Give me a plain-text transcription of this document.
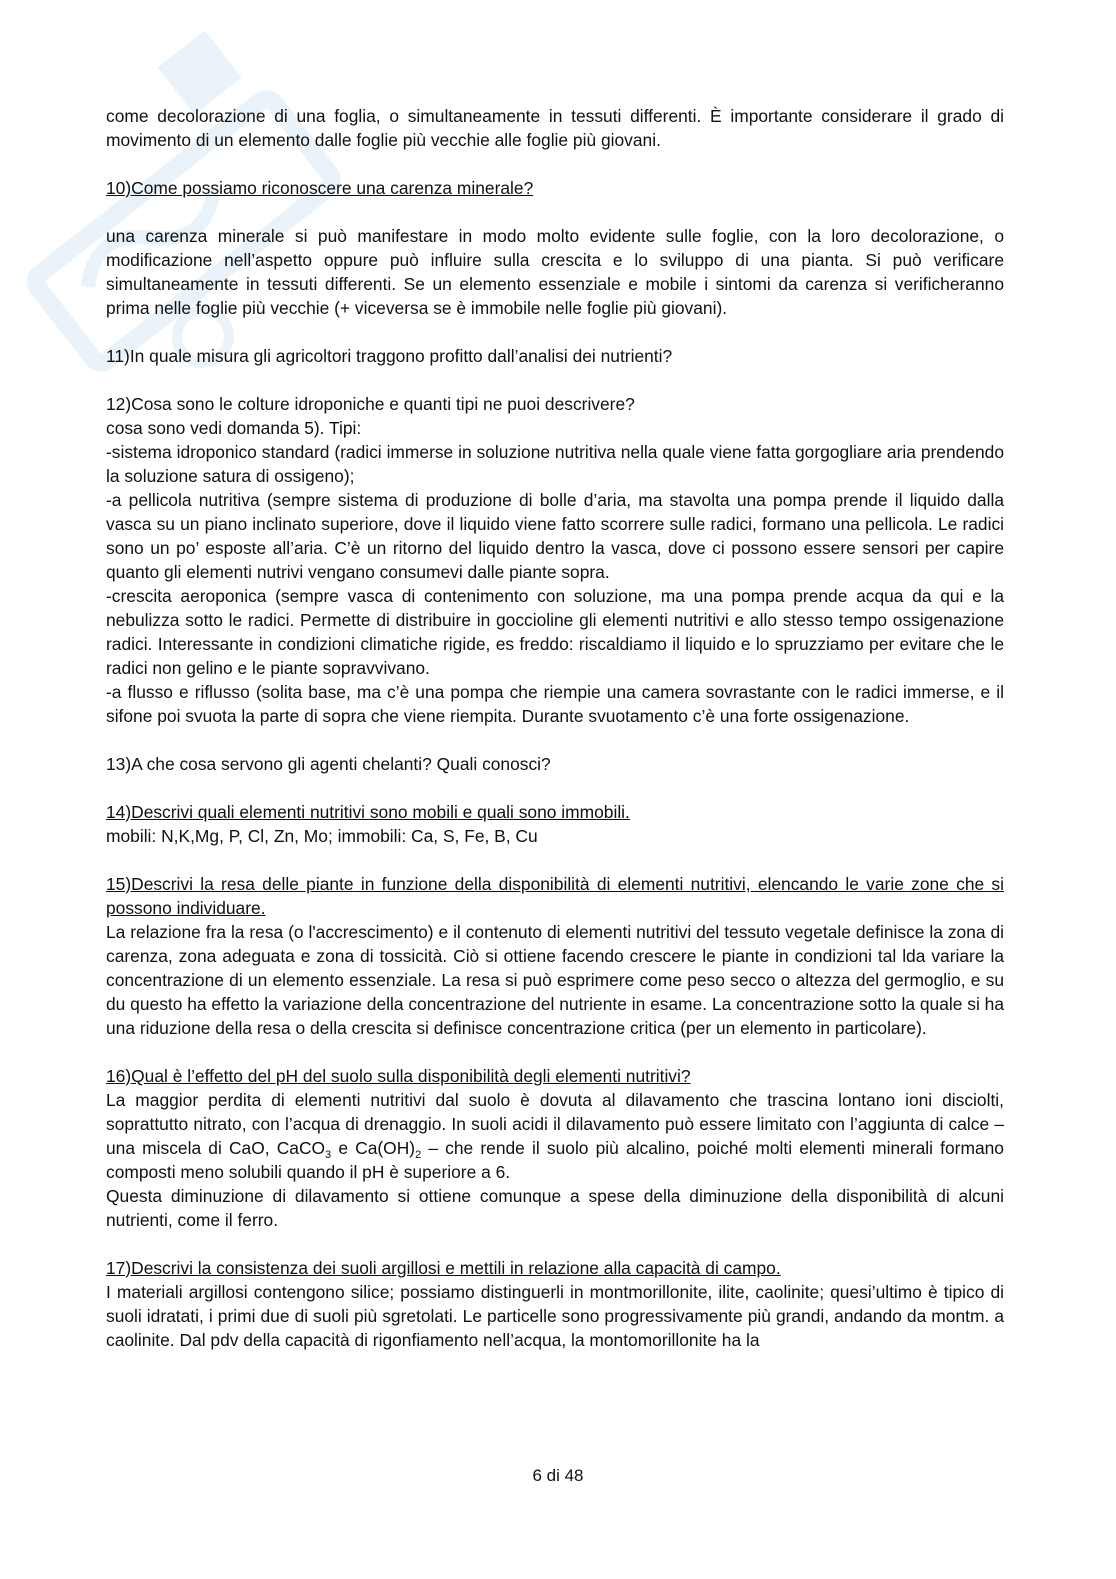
come decolorazione di una foglia, o simultaneamente in tessuti differenti. È importante considerare il grado di movimento di un elemento dalle foglie più vecchie alle foglie più giovani.

10)Come possiamo riconoscere una carenza minerale?

una carenza minerale si può manifestare in modo molto evidente sulle foglie, con la loro decolorazione, o modificazione nell’aspetto oppure può influire sulla crescita e lo sviluppo di una pianta. Si può verificare simultaneamente in tessuti differenti. Se un elemento essenziale e mobile i sintomi da carenza si verificheranno prima nelle foglie più vecchie (+ viceversa se è immobile nelle foglie più giovani).

11)In quale misura gli agricoltori traggono profitto dall’analisi dei nutrienti?

12)Cosa sono le colture idroponiche e quanti tipi ne puoi descrivere?

cosa sono vedi domanda 5). Tipi:

-sistema idroponico standard (radici immerse in soluzione nutritiva nella quale viene fatta gorgogliare aria prendendo la soluzione satura di ossigeno);

-a pellicola nutritiva (sempre sistema di produzione di bolle d’aria, ma stavolta una pompa prende il liquido dalla vasca su un piano inclinato superiore, dove il liquido viene fatto scorrere sulle radici, formano una pellicola. Le radici sono un po’ esposte all’aria. C’è un ritorno del liquido dentro la vasca, dove ci possono essere sensori per capire quanto gli elementi nutrivi vengano consumevi dalle piante sopra.

-crescita aeroponica (sempre vasca di contenimento con soluzione, ma una pompa prende acqua da qui e la nebulizza sotto le radici. Permette di distribuire in goccioline gli elementi nutritivi e allo stesso tempo ossigenazione radici. Interessante in condizioni climatiche rigide, es freddo: riscaldiamo il liquido e lo spruzziamo per evitare che le radici non gelino e le piante sopravvivano.

-a flusso e riflusso (solita base, ma c’è una pompa che riempie una camera sovrastante con le radici immerse, e il sifone poi svuota la parte di sopra che viene riempita. Durante svuotamento c’è una forte ossigenazione.

13)A che cosa servono gli agenti chelanti? Quali conosci?

14)Descrivi quali elementi nutritivi sono mobili e quali sono immobili.

mobili: N,K,Mg, P, Cl, Zn, Mo; immobili: Ca, S, Fe, B, Cu

15)Descrivi la resa delle piante in funzione della disponibilità di elementi nutritivi, elencando le varie zone che si possono individuare.

La relazione fra la resa (o l'accrescimento) e il contenuto di elementi nutritivi del tessuto vegetale definisce la zona di carenza, zona adeguata e zona di tossicità. Ciò si ottiene facendo crescere le piante in condizioni tal lda variare la concentrazione di un elemento essenziale. La resa si può esprimere come peso secco o altezza del germoglio, e su du questo ha effetto la variazione della concentrazione del nutriente in esame. La concentrazione sotto la quale si ha una riduzione della resa o della crescita si definisce concentrazione critica (per un elemento in particolare).

16)Qual è l’effetto del pH del suolo sulla disponibilità degli elementi nutritivi?

La maggior perdita di elementi nutritivi dal suolo è dovuta al dilavamento che trascina lontano ioni disciolti, soprattutto nitrato, con l’acqua di drenaggio. In suoli acidi il dilavamento può essere limitato con l’aggiunta di calce – una miscela di CaO, CaCO$_3$ e $Ca(OH)_2$ – che rende il suolo più alcalino, poiché molti elementi minerali formano composti meno solubili quando il pH è superiore a 6.

Questa diminuzione di dilavamento si ottiene comunque a spese della diminuzione della disponibilità di alcuni nutrienti, come il ferro.

17)Descrivi la consistenza dei suoli argillosi e mettili in relazione alla capacità di campo.

I materiali argillosi contengono silice; possiamo distinguerli in montmorillonite, ilite, caolinite; quesi’ultimo è tipico di suoli idratati, i primi due di suoli più sgretolati. Le particelle sono progressivamente più grandi, andando da montm. a caolinite. Dal pdv della capacità di rigonfiamento nell’acqua, la montomorillonite ha la

6 di 48
